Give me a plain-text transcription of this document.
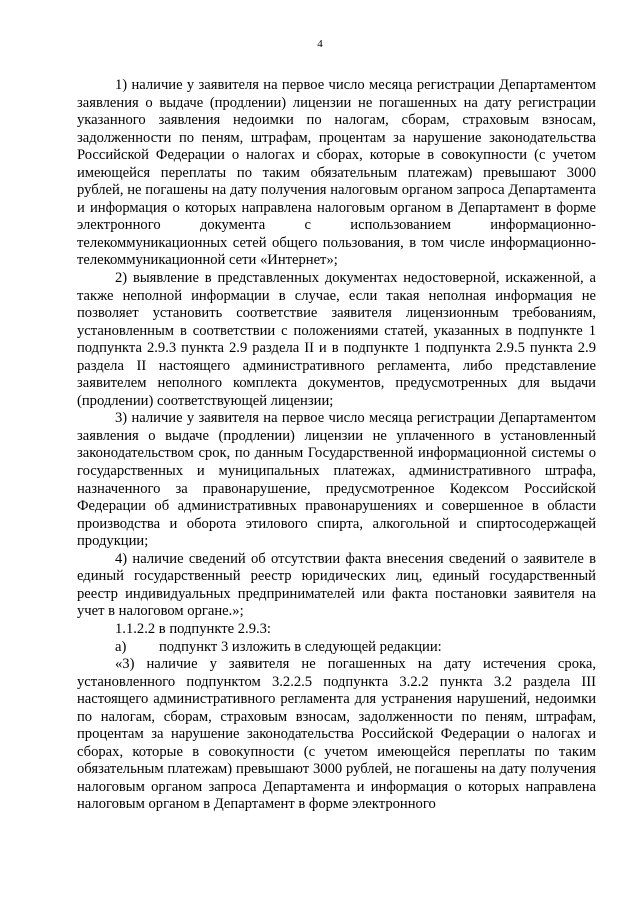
4

1) наличие у заявителя на первое число месяца регистрации Департаментом заявления о выдаче (продлении) лицензии не погашенных на дату регистрации указанного заявления недоимки по налогам, сборам, страховым взносам, задолженности по пеням, штрафам, процентам за нарушение законодательства Российской Федерации о налогах и сборах, которые в совокупности (с учетом имеющейся переплаты по таким обязательным платежам) превышают 3000 рублей, не погашены на дату получения налоговым органом запроса Департамента и информация о которых направлена налоговым органом в Департамент в форме электронного документа с использованием информационно-телекоммуникационных сетей общего пользования, в том числе информационно-телекоммуникационной сети «Интернет»;

2) выявление в представленных документах недостоверной, искаженной, а также неполной информации в случае, если такая неполная информация не позволяет установить соответствие заявителя лицензионным требованиям, установленным в соответствии с положениями статей, указанных в подпункте 1 подпункта 2.9.3 пункта 2.9 раздела II и в подпункте 1 подпункта 2.9.5 пункта 2.9 раздела II настоящего административного регламента, либо представление заявителем неполного комплекта документов, предусмотренных для выдачи (продлении) соответствующей лицензии;

3) наличие у заявителя на первое число месяца регистрации Департаментом заявления о выдаче (продлении) лицензии не уплаченного в установленный законодательством срок, по данным Государственной информационной системы о государственных и муниципальных платежах, административного штрафа, назначенного за правонарушение, предусмотренное Кодексом Российской Федерации об административных правонарушениях и совершенное в области производства и оборота этилового спирта, алкогольной и спиртосодержащей продукции;

4) наличие сведений об отсутствии факта внесения сведений о заявителе в единый государственный реестр юридических лиц, единый государственный реестр индивидуальных предпринимателей или факта постановки заявителя на учет в налоговом органе.»;

1.1.2.2 в подпункте 2.9.3:

а) подпункт 3 изложить в следующей редакции:

«3) наличие у заявителя не погашенных на дату истечения срока, установленного подпунктом 3.2.2.5 подпункта 3.2.2 пункта 3.2 раздела III настоящего административного регламента для устранения нарушений, недоимки по налогам, сборам, страховым взносам, задолженности по пеням, штрафам, процентам за нарушение законодательства Российской Федерации о налогах и сборах, которые в совокупности (с учетом имеющейся переплаты по таким обязательным платежам) превышают 3000 рублей, не погашены на дату получения налоговым органом запроса Департамента и информация о которых направлена налоговым органом в Департамент в форме электронного
